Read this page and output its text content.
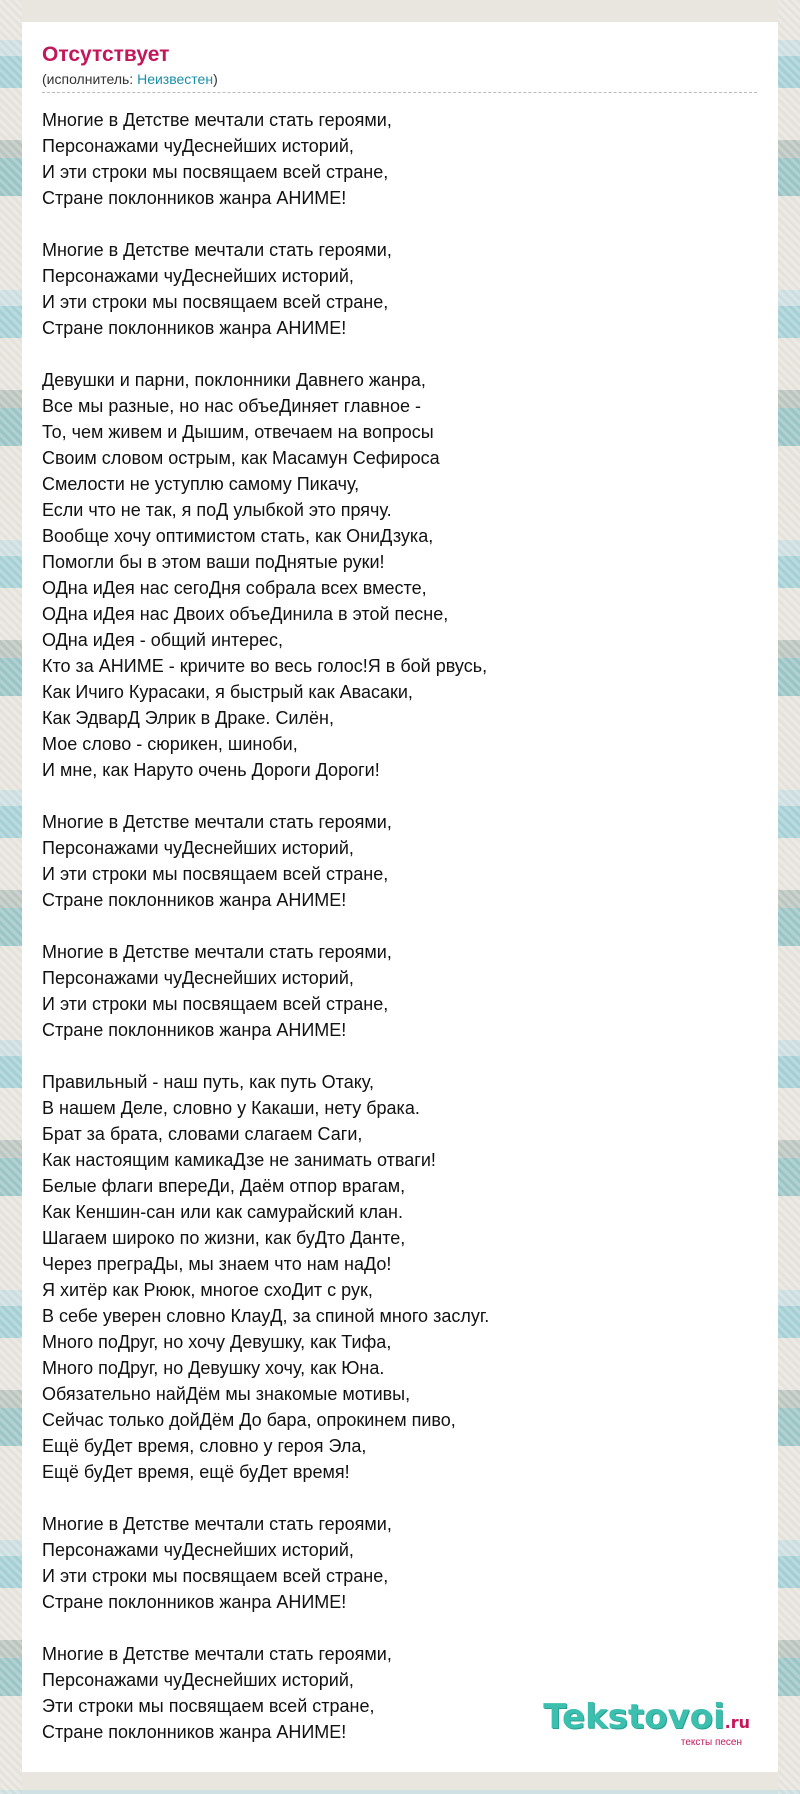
Отсутствует
(исполнитель: Неизвестен)
Многие в Детстве мечтали стать героями,
Персонажами чуДеснейших историй,
И эти строки мы посвящаем всей стране,
Стране поклонников жанра АНИМЕ!
Многие в Детстве мечтали стать героями,
Персонажами чуДеснейших историй,
И эти строки мы посвящаем всей стране,
Стране поклонников жанра АНИМЕ!
Девушки и парни, поклонники Давнего жанра,
Все мы разные, но нас объеДиняет главное -
То, чем живем и Дышим, отвечаем на вопросы
Своим словом острым, как Масамун Сефироса
Смелости не уступлю самому Пикачу,
Если что не так, я поД улыбкой это прячу.
Вообще хочу оптимистом стать, как ОниДзука,
Помогли бы в этом ваши поДнятые руки!
ОДна иДея нас сегоДня собрала всех вместе,
ОДна иДея нас Двоих объеДинила в этой песне,
ОДна иДея - общий интерес,
Кто за АНИМЕ - кричите во весь голос!Я в бой рвусь,
Как Ичиго Курасаки, я быстрый как Авасаки,
Как ЭдварД Элрик в Драке. Силён,
Мое слово - сюрикен, шиноби,
И мне, как Наруто очень Дороги Дороги!
Многие в Детстве мечтали стать героями,
Персонажами чуДеснейших историй,
И эти строки мы посвящаем всей стране,
Стране поклонников жанра АНИМЕ!
Многие в Детстве мечтали стать героями,
Персонажами чуДеснейших историй,
И эти строки мы посвящаем всей стране,
Стране поклонников жанра АНИМЕ!
Правильный - наш путь, как путь Отаку,
В нашем Деле, словно у Какаши, нету брака.
Брат за брата, словами слагаем Саги,
Как настоящим камикаДзе не занимать отваги!
Белые флаги впереДи, Даём отпор врагам,
Как Кеншин-сан или как самурайский клан.
Шагаем широко по жизни, как буДто Данте,
Через преграДы, мы знаем что нам наДо!
Я хитёр как Рююк, многое схоДит с рук,
В себе уверен словно КлауД, за спиной много заслуг.
Много поДруг, но хочу Девушку, как Тифа,
Много поДруг, но Девушку хочу, как Юна.
Обязательно найДём мы знакомые мотивы,
Сейчас только дойДём До бара, опрокинем пиво,
Ещё буДет время, словно у героя Эла,
Ещё буДет время, ещё буДет время!
Многие в Детстве мечтали стать героями,
Персонажами чуДеснейших историй,
И эти строки мы посвящаем всей стране,
Стране поклонников жанра АНИМЕ!
Многие в Детстве мечтали стать героями,
Персонажами чуДеснейших историй,
Эти строки мы посвящаем всей стране,
Стране поклонников жанра АНИМЕ!	Tekstovoi.ru
тексты песен
